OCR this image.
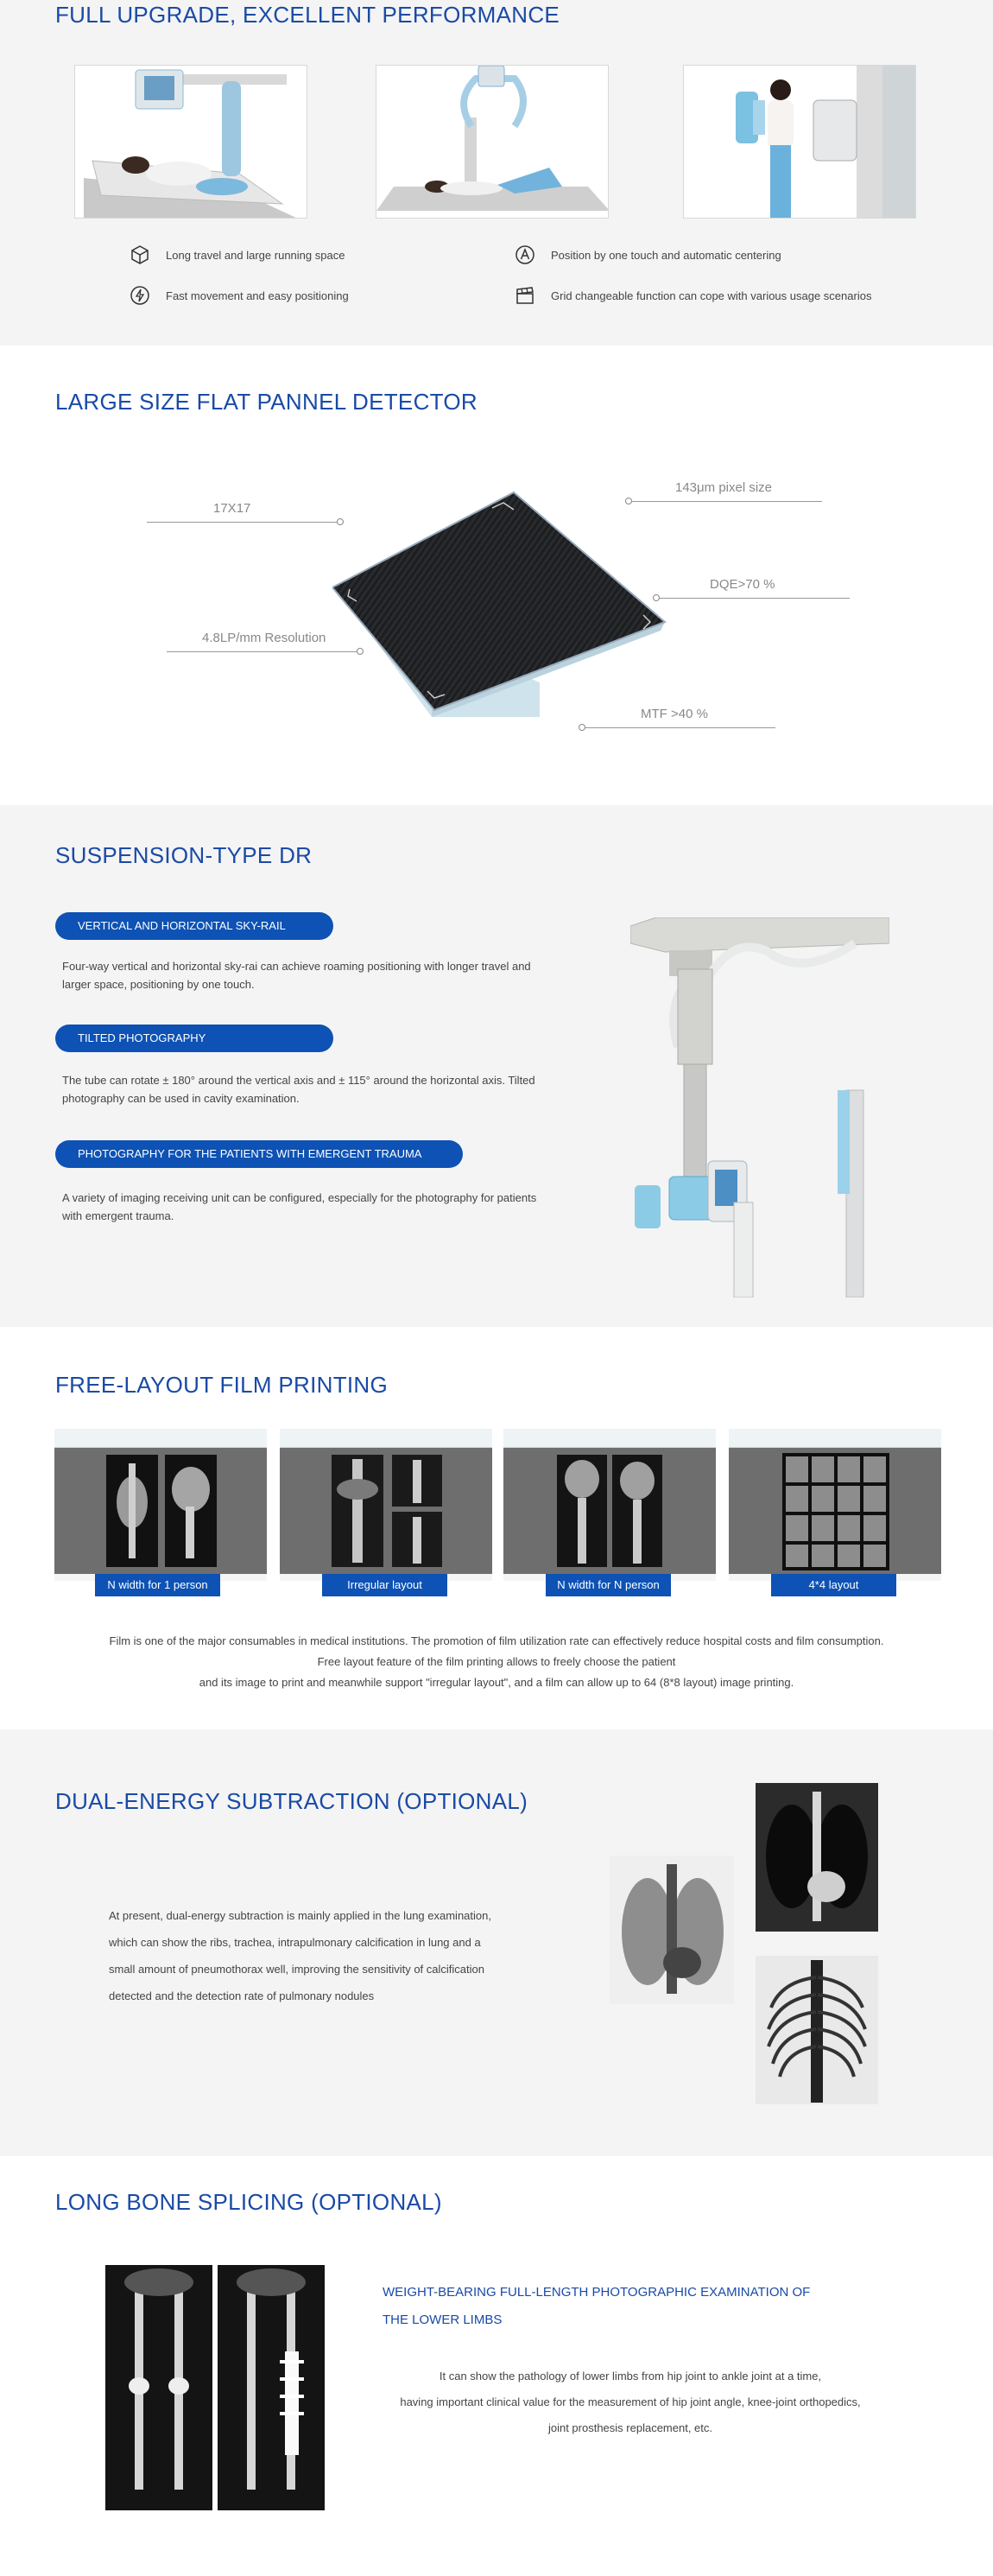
FULL UPGRADE, EXCELLENT PERFORMANCE
Long travel and large running space	Position by one touch and automatic centering
Fast movement and easy positioning	Grid changeable function can cope with various usage scenarios
LARGE SIZE FLAT PANNEL DETECTOR
17X17
143μm pixel size
DQE>70 %
4.8LP/mm Resolution
MTF >40 %
SUSPENSION-TYPE DR
VERTICAL AND HORIZONTAL SKY-RAIL

Four-way vertical and horizontal sky-rai can achieve roaming positioning with longer travel and larger space, positioning by one touch.

TILTED PHOTOGRAPHY

The tube can rotate ± 180° around the vertical axis and ± 115° around the horizontal axis. Tilted photography can be used in cavity examination.

PHOTOGRAPHY FOR THE PATIENTS WITH EMERGENT TRAUMA

A variety of imaging receiving unit can be configured, especially for the photography for patients with emergent trauma.

FREE-LAYOUT FILM PRINTING
N width for 1 person	Irregular layout	N width for N person	4*4 layout

Film is one of the major consumables in medical institutions. The promotion of film utilization rate can effectively reduce hospital costs and film consumption.

Free layout feature of the film printing allows to freely choose the patient

and its image to print and meanwhile support "irregular layout", and a film can allow up to 64 (8*8 layout) image printing.

DUAL-ENERGY SUBTRACTION (OPTIONAL)

At present, dual-energy subtraction is mainly applied in the lung examination,

which can show the ribs, trachea, intrapulmonary calcification in lung and a

small amount of pneumothorax well, improving the sensitivity of calcification

detected and the detection rate of pulmonary nodules

LONG BONE SPLICING (OPTIONAL)

WEIGHT-BEARING FULL-LENGTH PHOTOGRAPHIC EXAMINATION OF

THE LOWER LIMBS

It can show the pathology of lower limbs from hip joint to ankle joint at a time,

having important clinical value for the measurement of hip joint angle, knee-joint orthopedics,

joint prosthesis replacement, etc.
